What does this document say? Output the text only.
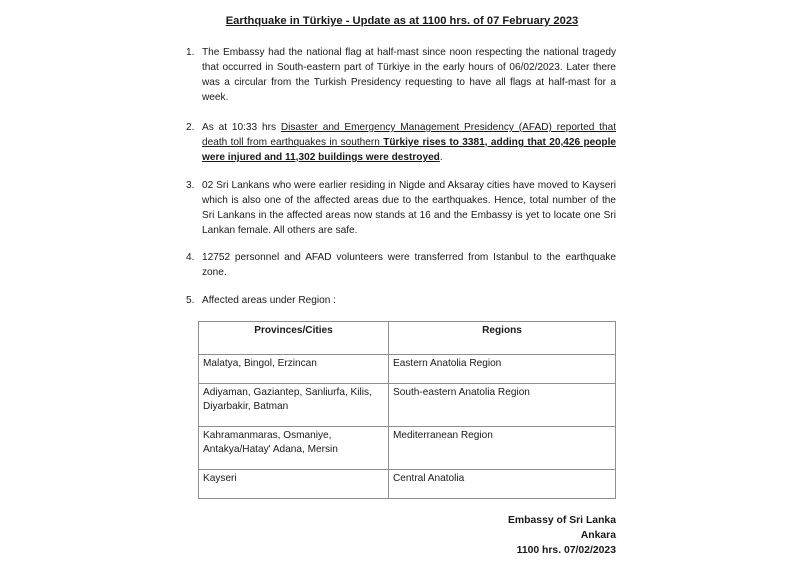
Earthquake in Türkiye - Update as at 1100 hrs. of 07 February 2023
1. The Embassy had the national flag at half-mast since noon respecting the national tragedy that occurred in South-eastern part of Türkiye in the early hours of 06/02/2023. Later there was a circular from the Turkish Presidency requesting to have all flags at half-mast for a week.
2. As at 10:33 hrs Disaster and Emergency Management Presidency (AFAD) reported that death toll from earthquakes in southern Türkiye rises to 3381, adding that 20,426 people were injured and 11,302 buildings were destroyed.
3. 02 Sri Lankans who were earlier residing in Nigde and Aksaray cities have moved to Kayseri which is also one of the affected areas due to the earthquakes. Hence, total number of the Sri Lankans in the affected areas now stands at 16 and the Embassy is yet to locate one Sri Lankan female. All others are safe.
4. 12752 personnel and AFAD volunteers were transferred from Istanbul to the earthquake zone.
5. Affected areas under Region :
Provinces/Cities	Regions
Malatya, Bingol, Erzincan	Eastern Anatolia Region
Adiyaman, Gaziantep, Sanliurfa, Kilis, Diyarbakir, Batman	South-eastern Anatolia Region
Kahramanmaras, Osmaniye, Antakya/Hatay' Adana, Mersin	Mediterranean Region
Kayseri	Central Anatolia
Embassy of Sri Lanka
Ankara
1100 hrs. 07/02/2023
